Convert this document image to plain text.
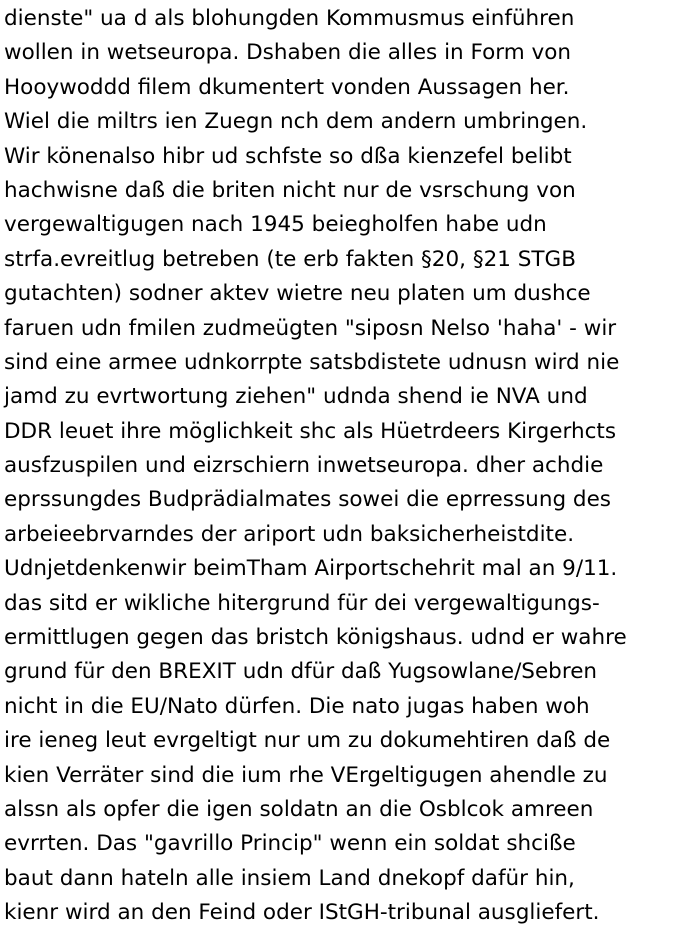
dienste" ua d als blohungden Kommusmus einführen
wollen in wetseuropa. Dshaben die alles in Form von
Hooywoddd filem dkumentert vonden Aussagen her.
Wiel die miltrs ien Zuegn nch dem andern umbringen.
Wir könenalso hibr ud schfste so dßa kienzefel belibt
hachwisne daß die briten nicht nur de vsrschung von
vergewaltigugen nach 1945 beiegholfen habe udn
strfa.evreitlug betreben (te erb fakten §20, §21 STGB
gutachten) sodner aktev wietre neu platen um dushce
faruen udn fmilen zudmeügten "siposn Nelso 'haha' - wir
sind eine armee udnkorrpte satsbdistete udnusn wird nie
jamd zu evrtwortung ziehen" udnda shend ie NVA und
DDR leuet ihre möglichkeit shc als Hüetrdeers Kirgerhcts
ausfzuspilen und eizrschiern inwetseuropa. dher achdie
eprssungdes Budprädialmates sowei die eprressung des
arbeieebrvarndes der ariport udn baksicherheistdite.
Udnjetdenkenwir beimTham Airportschehrit mal an 9/11.
das sitd er wikliche hitergrund für dei vergewaltigungs-
ermittlugen gegen das bristch königshaus. udnd er wahre
grund für den BREXIT udn dfür daß Yugsowlane/Sebren
nicht in die EU/Nato dürfen. Die nato jugas haben woh
ire ieneg leut evrgeltigt nur um zu dokumehtiren daß de
kien Verräter sind die ium rhe VErgeltigugen ahendle zu
alssn als opfer die igen soldatn an die Osblcok amreen
evrrten. Das "gavrillo Princip" wenn ein soldat shciße
baut dann hateln alle insiem Land dnekopf dafür hin,
kienr wird an den Feind oder IStGH-tribunal ausgliefert.
